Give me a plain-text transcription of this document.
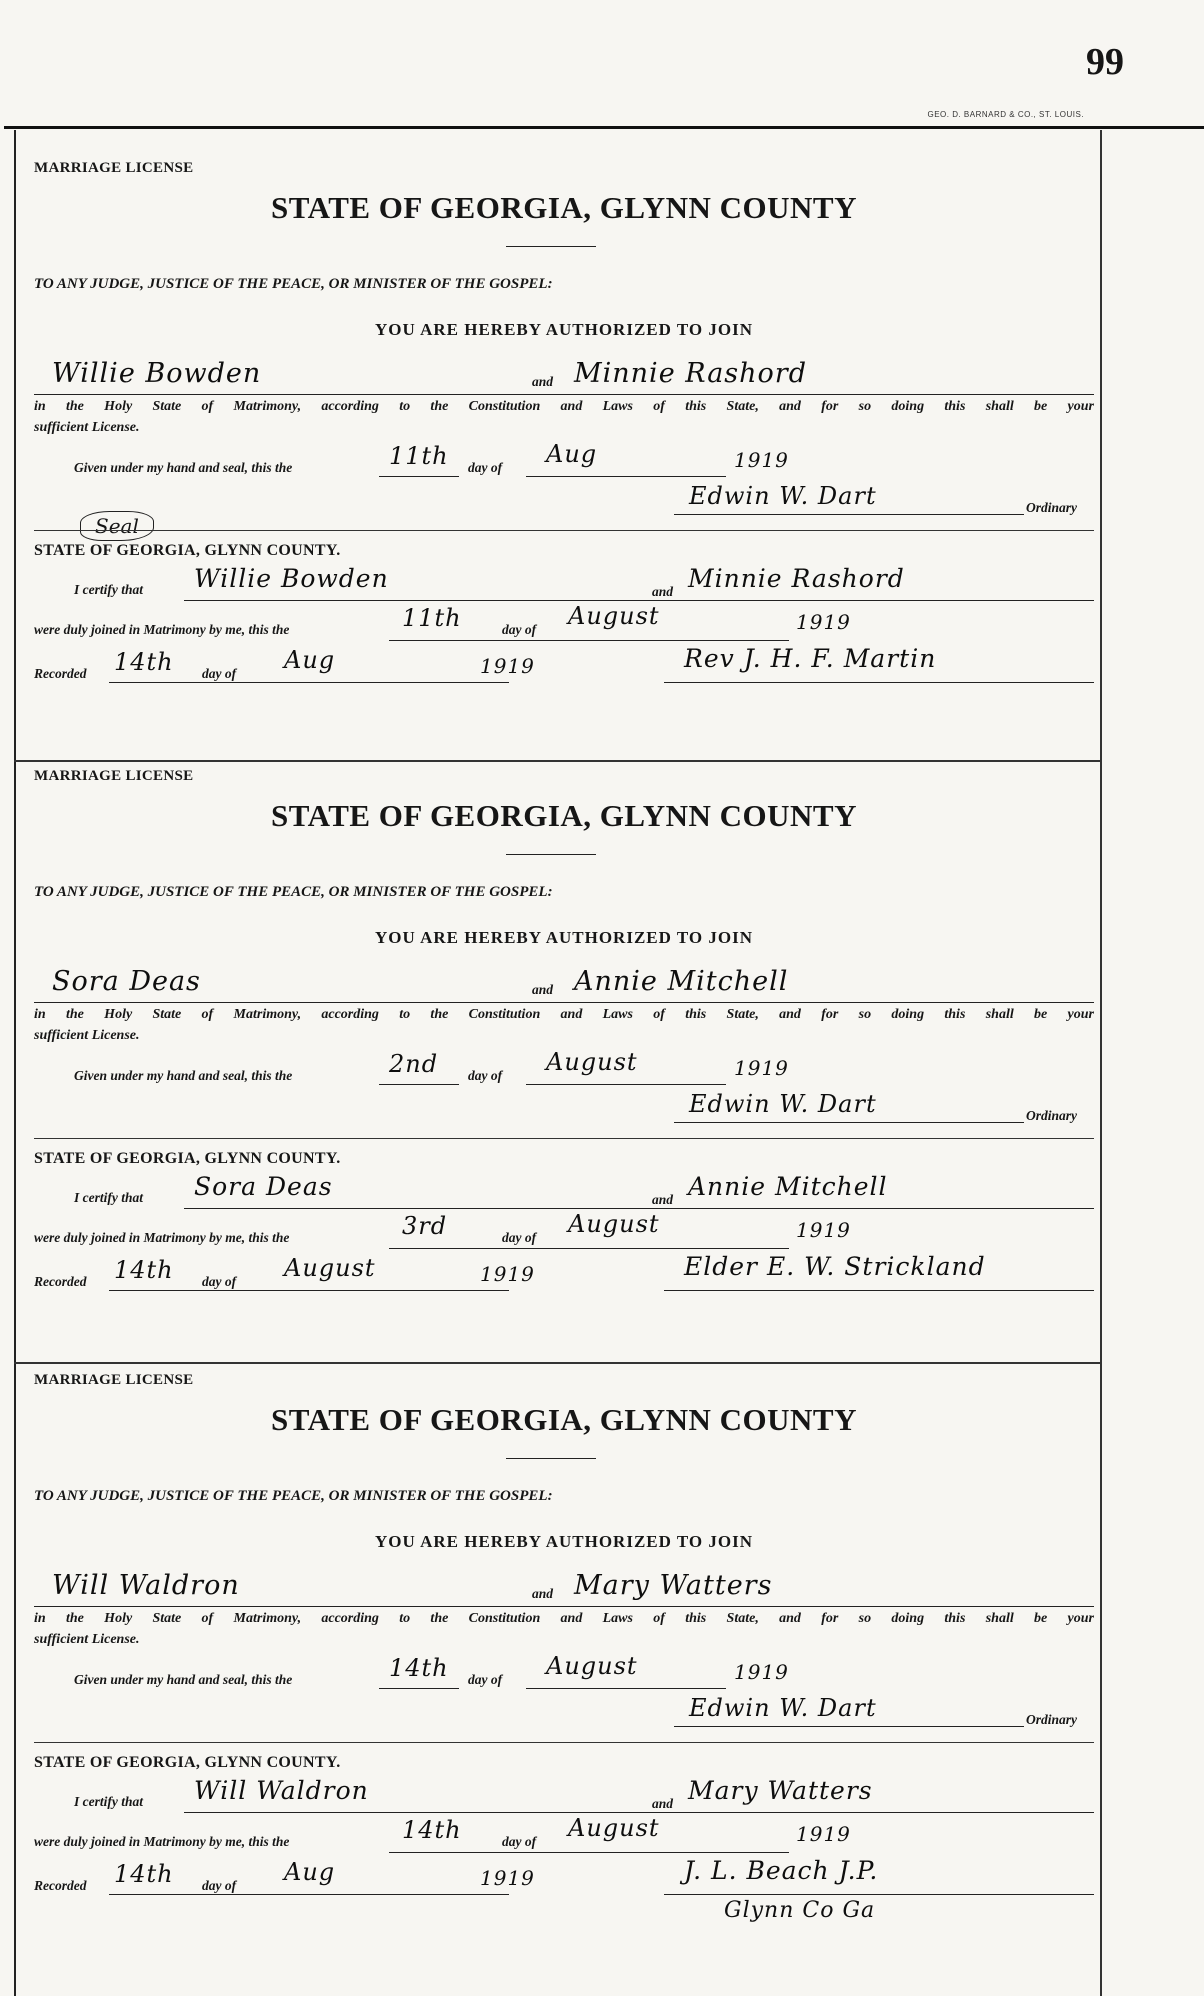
99
GEO. D. BARNARD & CO., ST. LOUIS.
MARRIAGE LICENSE
STATE OF GEORGIA, GLYNN COUNTY
TO ANY JUDGE, JUSTICE OF THE PEACE, OR MINISTER OF THE GOSPEL:
YOU ARE HEREBY AUTHORIZED TO JOIN
Willie Bowden	and Minnie Rashord
in the Holy State of Matrimony, according to the Constitution and Laws of this State, and for so doing this shall be your
sufficient License.
Given under my hand and seal, this the	11th day of Aug	1919
Edwin W. Dart	Ordinary
Seal
STATE OF GEORGIA, GLYNN COUNTY.
I certify that Willie Bowden	and Minnie Rashord
were duly joined in Matrimony by me, this the	11th	day of August	1919
Recorded 14th day of Aug	1919	Rev J. H. F. Martin
MARRIAGE LICENSE
STATE OF GEORGIA, GLYNN COUNTY
TO ANY JUDGE, JUSTICE OF THE PEACE, OR MINISTER OF THE GOSPEL:
YOU ARE HEREBY AUTHORIZED TO JOIN
Sora Deas	and Annie Mitchell
in the Holy State of Matrimony, according to the Constitution and Laws of this State, and for so doing this shall be your
sufficient License.
Given under my hand and seal, this the	2nd day of August	1919
Edwin W. Dart	Ordinary
STATE OF GEORGIA, GLYNN COUNTY.
I certify that Sora Deas	and Annie Mitchell
were duly joined in Matrimony by me, this the	3rd	day of August	1919
Recorded 14th day of August	1919	Elder E. W. Strickland
MARRIAGE LICENSE
STATE OF GEORGIA, GLYNN COUNTY
TO ANY JUDGE, JUSTICE OF THE PEACE, OR MINISTER OF THE GOSPEL:
YOU ARE HEREBY AUTHORIZED TO JOIN
Will Waldron	and Mary Watters
in the Holy State of Matrimony, according to the Constitution and Laws of this State, and for so doing this shall be your
sufficient License.
Given under my hand and seal, this the	14th day of August	1919
Edwin W. Dart	Ordinary
STATE OF GEORGIA, GLYNN COUNTY.
I certify that Will Waldron	and Mary Watters
were duly joined in Matrimony by me, this the	14th	day of August	1919
Recorded 14th day of Aug	1919	J. L. Beach J.P.
Glynn Co Ga
